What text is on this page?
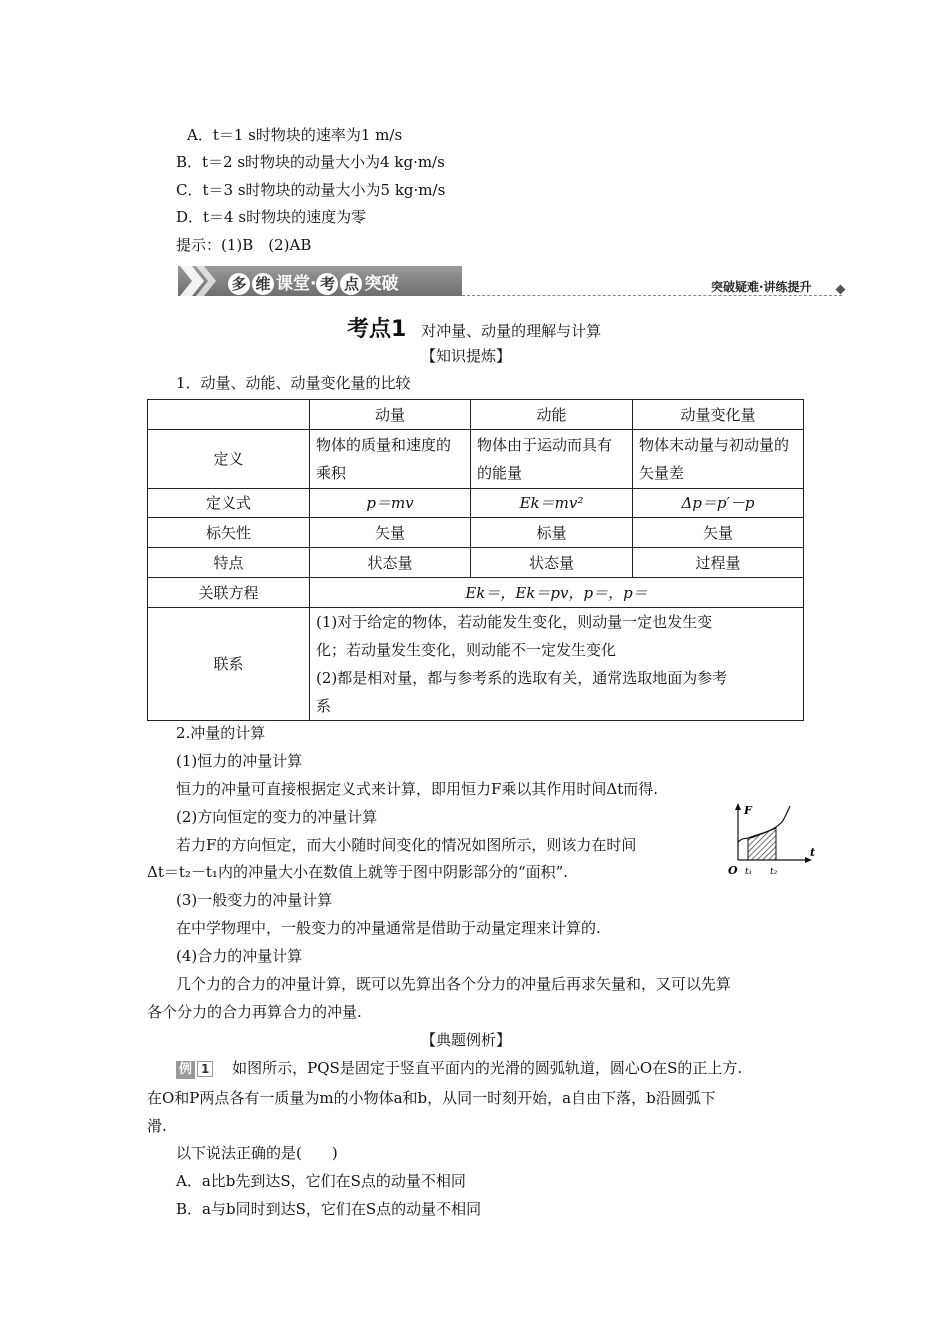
A．t＝1 s时物块的速率为1 m/s
B．t＝2 s时物块的动量大小为4 kg·m/s
C．t＝3 s时物块的动量大小为5 kg·m/s
D．t＝4 s时物块的速度为零
提示：(1)B　(2)AB
多 维 课堂· 考 点 突破	突破疑难·讲练提升
考点1 对冲量、动量的理解与计算
【知识提炼】
1．动量、动能、动量变化量的比较
	动量	动能	动量变化量
定义	物体的质量和速度的乘积	物体由于运动而具有的能量	物体末动量与初动量的矢量差
定义式	p＝mv	Ek＝mv²	Δp＝p′－p
标矢性	矢量	标量	矢量
特点	状态量	状态量	过程量
关联方程	Ek＝，Ek＝pv，p＝，p＝		
联系	(1)对于给定的物体，若动能发生变化，则动量一定也发生变
化；若动量发生变化，则动能不一定发生变化
(2)都是相对量，都与参考系的选取有关，通常选取地面为参考
系		
2.冲量的计算
(1)恒力的冲量计算
恒力的冲量可直接根据定义式来计算，即用恒力F乘以其作用时间Δt而得.
(2)方向恒定的变力的冲量计算
若力F的方向恒定，而大小随时间变化的情况如图所示，则该力在时间
Δt＝t₂－t₁内的冲量大小在数值上就等于图中阴影部分的“面积”.
F
t
O t₁ t₂
(3)一般变力的冲量计算
在中学物理中，一般变力的冲量通常是借助于动量定理来计算的.
(4)合力的冲量计算
几个力的合力的冲量计算，既可以先算出各个分力的冲量后再求矢量和，又可以先算
各个分力的合力再算合力的冲量.
【典题例析】
例 1 如图所示，PQS是固定于竖直平面内的光滑的圆弧轨道，圆心O在S的正上方.
在O和P两点各有一质量为m的小物体a和b，从同一时刻开始，a自由下落，b沿圆弧下
滑.
以下说法正确的是(　　)
A．a比b先到达S，它们在S点的动量不相同
B．a与b同时到达S，它们在S点的动量不相同
